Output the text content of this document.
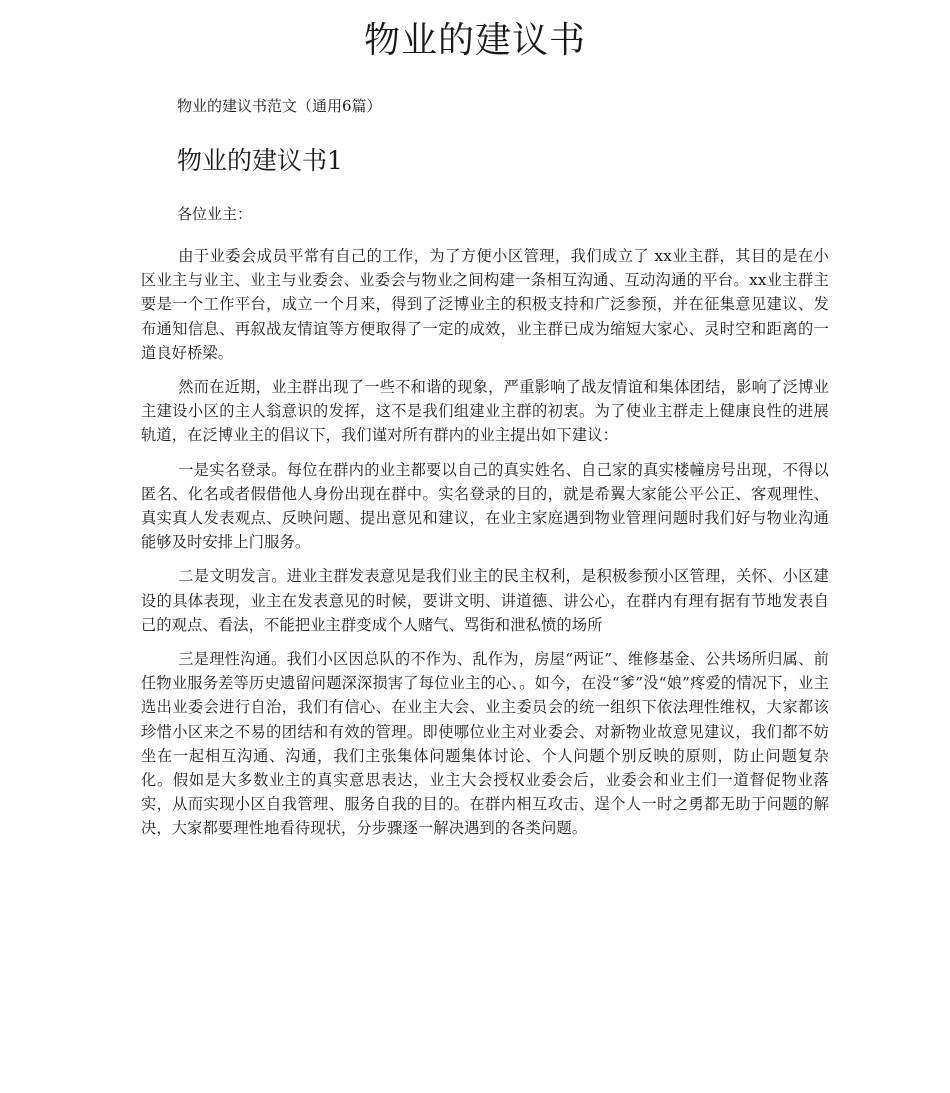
物业的建议书

物业的建议书范文（通用6篇）

物业的建议书1

各位业主：

由于业委会成员平常有自己的工作，为了方便小区管理，我们成立了 xx业主群，其目的是在小区业主与业主、业主与业委会、业委会与物业之间构建一条相互沟通、互动沟通的平台。xx业主群主要是一个工作平台，成立一个月来，得到了泛博业主的积极支持和广泛参预，并在征集意见建议、发布通知信息、再叙战友情谊等方便取得了一定的成效，业主群已成为缩短大家心、灵时空和距离的一道良好桥梁。

然而在近期，业主群出现了一些不和谐的现象，严重影响了战友情谊和集体团结，影响了泛博业主建设小区的主人翁意识的发挥，这不是我们组建业主群的初衷。为了使业主群走上健康良性的进展轨道，在泛博业主的倡议下，我们谨对所有群内的业主提出如下建议：

一是实名登录。每位在群内的业主都要以自己的真实姓名、自己家的真实楼幢房号出现，不得以匿名、化名或者假借他人身份出现在群中。实名登录的目的，就是希翼大家能公平公正、客观理性、真实真人发表观点、反映问题、提出意见和建议，在业主家庭遇到物业管理问题时我们好与物业沟通能够及时安排上门服务。

二是文明发言。进业主群发表意见是我们业主的民主权利，是积极参预小区管理，关怀、小区建设的具体表现，业主在发表意见的时候，要讲文明、讲道德、讲公心，在群内有理有据有节地发表自己的观点、看法，不能把业主群变成个人赌气、骂街和泄私愤的场所

三是理性沟通。我们小区因总队的不作为、乱作为，房屋“两证”、维修基金、公共场所归属、前任物业服务差等历史遗留问题深深损害了每位业主的心、。如今，在没“爹”没“娘”疼爱的情况下，业主选出业委会进行自治，我们有信心、在业主大会、业主委员会的统一组织下依法理性维权，大家都该珍惜小区来之不易的团结和有效的管理。即使哪位业主对业委会、对新物业故意见建议，我们都不妨坐在一起相互沟通、沟通，我们主张集体问题集体讨论、个人问题个别反映的原则，防止问题复杂化。假如是大多数业主的真实意思表达，业主大会授权业委会后，业委会和业主们一道督促物业落实，从而实现小区自我管理、服务自我的目的。在群内相互攻击、逞个人一时之勇都无助于问题的解决，大家都要理性地看待现状，分步骤逐一解决遇到的各类问题。
